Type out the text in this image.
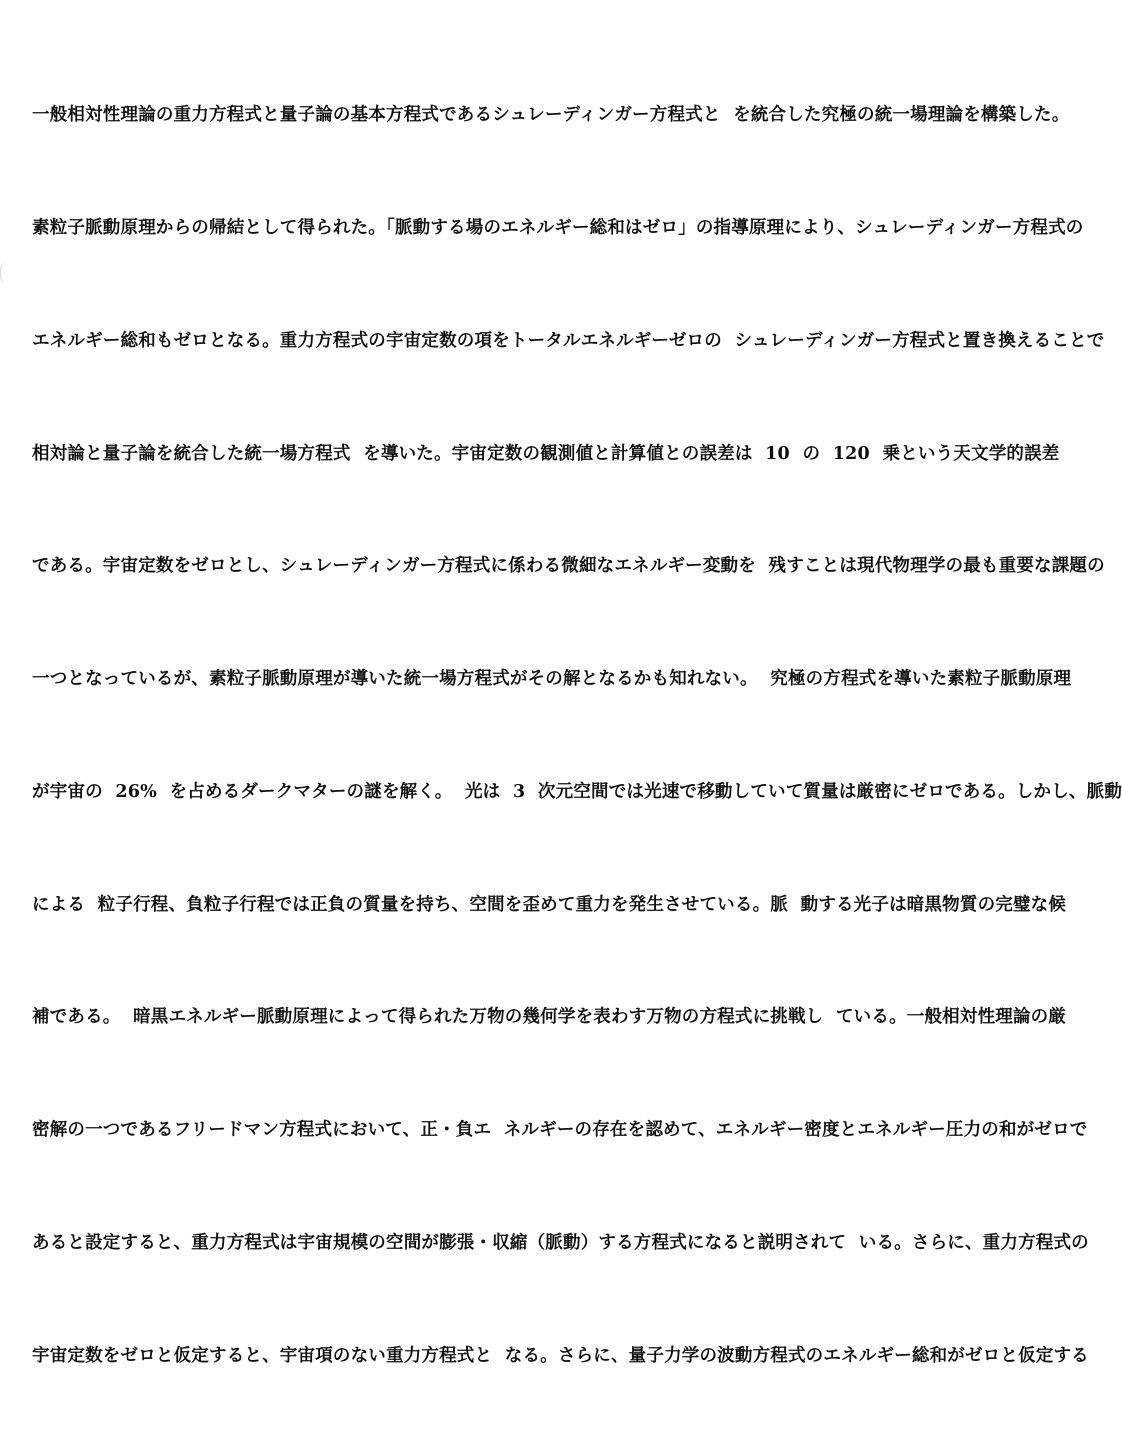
一般相対性理論の重力方程式と量子論の基本方程式であるシュレーディンガー方程式と  を統合した究極の統一場理論を構築した。

素粒子脈動原理からの帰結として得られた。「脈動する場のエネルギー総和はゼロ」の指導原理により、シュレーディンガー方程式の

エネルギー総和もゼロとなる。重力方程式の宇宙定数の項をトータルエネルギーゼロの  シュレーディンガー方程式と置き換えることで

相対論と量子論を統合した統一場方程式  を導いた。宇宙定数の観測値と計算値との誤差は  10  の  120  乗という天文学的誤差

である。宇宙定数をゼロとし、シュレーディンガー方程式に係わる微細なエネルギー変動を  残すことは現代物理学の最も重要な課題の

一つとなっているが、素粒子脈動原理が導いた統一場方程式がその解となるかも知れない。  究極の方程式を導いた素粒子脈動原理

が宇宙の  26%  を占めるダークマターの謎を解く。  光は  3  次元空間では光速で移動していて質量は厳密にゼロである。しかし、脈動

による  粒子行程、負粒子行程では正負の質量を持ち、空間を歪めて重力を発生させている。脈  動する光子は暗黒物質の完璧な候

補である。  暗黒エネルギー脈動原理によって得られた万物の幾何学を表わす万物の方程式に挑戦し  ている。一般相対性理論の厳

密解の一つであるフリードマン方程式において、正・負エ  ネルギーの存在を認めて、エネルギー密度とエネルギー圧力の和がゼロで

あると設定すると、重力方程式は宇宙規模の空間が膨張・収縮（脈動）する方程式になると説明されて  いる。さらに、重力方程式の

宇宙定数をゼロと仮定すると、宇宙項のない重力方程式と  なる。さらに、量子力学の波動方程式のエネルギー総和がゼロと仮定する
